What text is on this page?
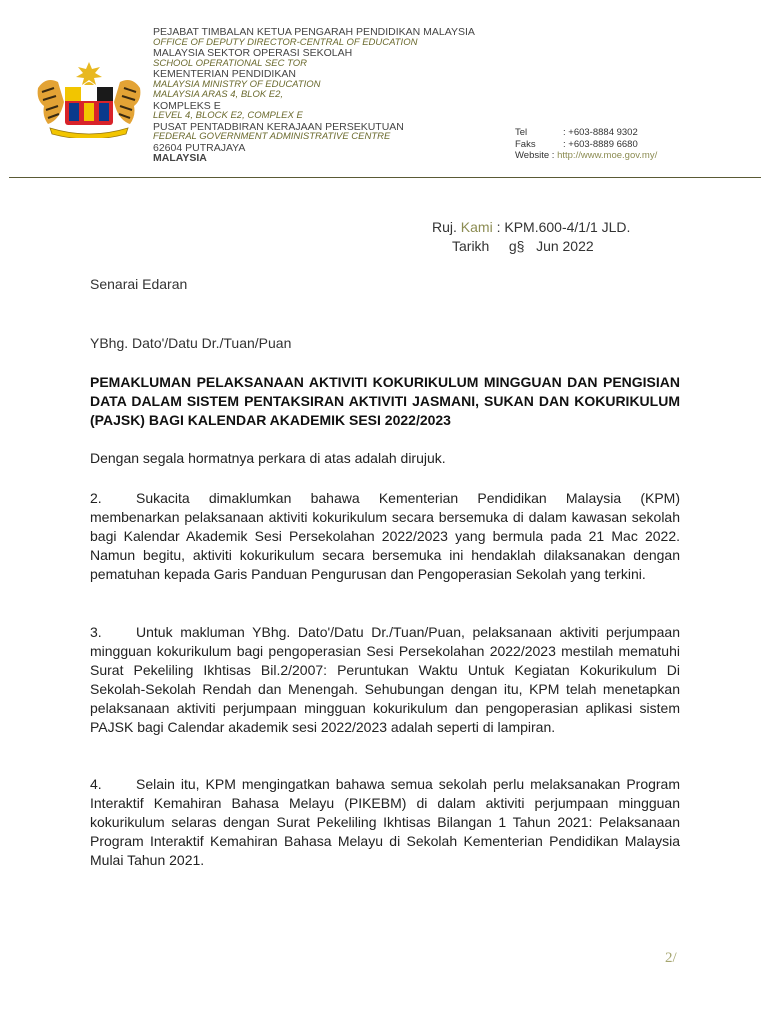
PEJABAT TIMBALAN KETUA PENGARAH PENDIDIKAN MALAYSIA
OFFICE OF DEPUTY DIRECTOR-CENTRAL OF EDUCATION
MALAYSIA SEKTOR OPERASI SEKOLAH
SCHOOL OPERATIONAL SEC TOR
KEMENTERIAN PENDIDIKAN
MALAYSIA MINISTRY OF EDUCATION
MALAYSIA ARAS 4, BLOK E2,
KOMPLEKS E
LEVEL 4, BLOCK E2, COMPLEX E
PUSAT PENTADBIRAN KERAJAAN PERSEKUTUAN
FEDERAL GOVERNMENT ADMINISTRATIVE CENTRE
62604 PUTRAJAYA
MALAYSIA
Tel	: +603-8884 9302
Faks	: +603-8889 6680
Website :
http://www.moe.gov.my/
Ruj. Kami : KPM.600-4/1/1 JLD.
Tarikh g§ Jun 2022
Senarai Edaran
YBhg. Dato'/Datu Dr./Tuan/Puan
PEMAKLUMAN PELAKSANAAN AKTIVITI KOKURIKULUM MINGGUAN DAN PENGISIAN DATA DALAM SISTEM PENTAKSIRAN AKTIVITI JASMANI, SUKAN DAN KOKURIKULUM (PAJSK) BAGI KALENDAR AKADEMIK SESI 2022/2023
Dengan segala hormatnya perkara di atas adalah dirujuk.
2. Sukacita dimaklumkan bahawa Kementerian Pendidikan Malaysia (KPM) membenarkan pelaksanaan aktiviti kokurikulum secara bersemuka di dalam kawasan sekolah bagi Kalendar Akademik Sesi Persekolahan 2022/2023 yang bermula pada 21 Mac 2022. Namun begitu, aktiviti kokurikulum secara bersemuka ini hendaklah dilaksanakan dengan pematuhan kepada Garis Panduan Pengurusan dan Pengoperasian Sekolah yang terkini.
3. Untuk makluman YBhg. Dato'/Datu Dr./Tuan/Puan, pelaksanaan aktiviti perjumpaan mingguan kokurikulum bagi pengoperasian Sesi Persekolahan 2022/2023 mestilah mematuhi Surat Pekeliling Ikhtisas Bil.2/2007: Peruntukan Waktu Untuk Kegiatan Kokurikulum Di Sekolah-Sekolah Rendah dan Menengah. Sehubungan dengan itu, KPM telah menetapkan pelaksanaan aktiviti perjumpaan mingguan kokurikulum dan pengoperasian aplikasi sistem PAJSK bagi Calendar akademik sesi 2022/2023 adalah seperti di lampiran.
4. Selain itu, KPM mengingatkan bahawa semua sekolah perlu melaksanakan Program Interaktif Kemahiran Bahasa Melayu (PIKEBM) di dalam aktiviti perjumpaan mingguan kokurikulum selaras dengan Surat Pekeliling Ikhtisas Bilangan 1 Tahun 2021: Pelaksanaan Program Interaktif Kemahiran Bahasa Melayu di Sekolah Kementerian Pendidikan Malaysia Mulai Tahun 2021.
2/
